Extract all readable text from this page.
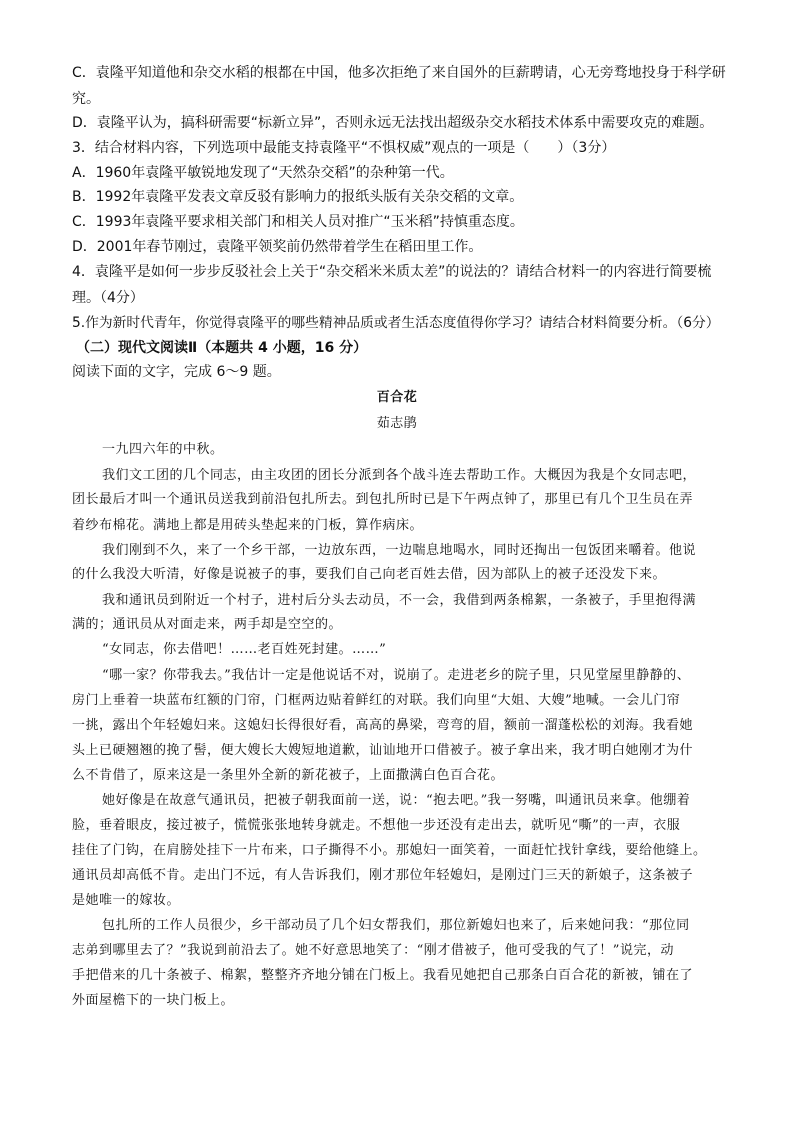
C．袁隆平知道他和杂交水稻的根都在中国，他多次拒绝了来自国外的巨薪聘请，心无旁骛地投身于科学研
究。
D．袁隆平认为，搞科研需要“标新立异”，否则永远无法找出超级杂交水稻技术体系中需要攻克的难题。
3．结合材料内容，下列选项中最能支持袁隆平“不惧权威”观点的一项是（　　）（3分）
A．1960年袁隆平敏锐地发现了“天然杂交稻”的杂种第一代。
B．1992年袁隆平发表文章反驳有影响力的报纸头版有关杂交稻的文章。
C．1993年袁隆平要求相关部门和相关人员对推广“玉米稻”持慎重态度。
D．2001年春节刚过，袁隆平领奖前仍然带着学生在稻田里工作。
4．袁隆平是如何一步步反驳社会上关于“杂交稻米米质太差”的说法的？请结合材料一的内容进行简要梳
理。（4分）
5.作为新时代青年，你觉得袁隆平的哪些精神品质或者生活态度值得你学习？请结合材料简要分析。（6分）
（二）现代文阅读Ⅱ（本题共 4 小题，16 分）
阅读下面的文字，完成 6～9 题。
百合花
茹志鹃
一九四六年的中秋。
我们文工团的几个同志，由主攻团的团长分派到各个战斗连去帮助工作。大概因为我是个女同志吧，
团长最后才叫一个通讯员送我到前沿包扎所去。到包扎所时已是下午两点钟了，那里已有几个卫生员在弄
着纱布棉花。满地上都是用砖头垫起来的门板，算作病床。
我们刚到不久，来了一个乡干部，一边放东西，一边喘息地喝水，同时还掏出一包饭团来嚼着。他说
的什么我没大听清，好像是说被子的事，要我们自己向老百姓去借，因为部队上的被子还没发下来。
我和通讯员到附近一个村子，进村后分头去动员，不一会，我借到两条棉絮，一条被子，手里抱得满
满的；通讯员从对面走来，两手却是空空的。
“女同志，你去借吧！……老百姓死封建。……”
“哪一家？你带我去。”我估计一定是他说话不对，说崩了。走进老乡的院子里，只见堂屋里静静的、
房门上垂着一块蓝布红额的门帘，门框两边贴着鲜红的对联。我们向里“大姐、大嫂”地喊。一会儿门帘
一挑，露出个年轻媳妇来。这媳妇长得很好看，高高的鼻梁，弯弯的眉，额前一溜蓬松松的刘海。我看她
头上已硬翘翘的挽了髻，便大嫂长大嫂短地道歉，讪讪地开口借被子。被子拿出来，我才明白她刚才为什
么不肯借了，原来这是一条里外全新的新花被子，上面撒满白色百合花。
她好像是在故意气通讯员，把被子朝我面前一送，说：“抱去吧。”我一努嘴，叫通讯员来拿。他绷着
脸，垂着眼皮，接过被子，慌慌张张地转身就走。不想他一步还没有走出去，就听见“嘶”的一声，衣服
挂住了门钩，在肩膀处挂下一片布来，口子撕得不小。那媳妇一面笑着，一面赶忙找针拿线，要给他缝上。
通讯员却高低不肯。走出门不远，有人告诉我们，刚才那位年轻媳妇，是刚过门三天的新娘子，这条被子
是她唯一的嫁妆。
包扎所的工作人员很少，乡干部动员了几个妇女帮我们，那位新媳妇也来了，后来她问我：“那位同
志弟到哪里去了？”我说到前沿去了。她不好意思地笑了：“刚才借被子，他可受我的气了！”说完，动
手把借来的几十条被子、棉絮，整整齐齐地分铺在门板上。我看见她把自己那条白百合花的新被，铺在了
外面屋檐下的一块门板上。
